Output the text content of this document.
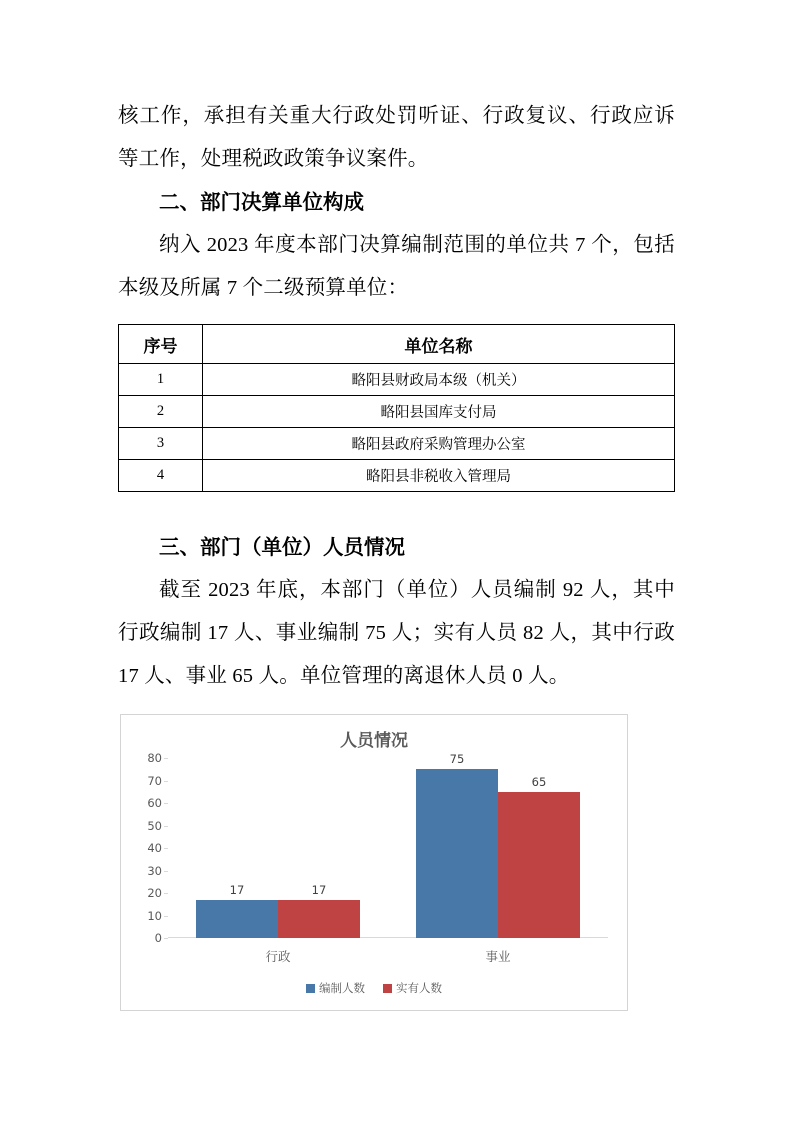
核工作，承担有关重大行政处罚听证、行政复议、行政应诉等工作，处理税政政策争议案件。

二、部门决算单位构成

纳入 2023 年度本部门决算编制范围的单位共 7 个，包括本级及所属 7 个二级预算单位：

序号	单位名称
1	略阳县财政局本级（机关）
2	略阳县国库支付局
3	略阳县政府采购管理办公室
4	略阳县非税收入管理局

三、部门（单位）人员情况

截至 2023 年底，本部门（单位）人员编制 92 人，其中行政编制 17 人、事业编制 75 人；实有人员 82 人，其中行政 17 人、事业 65 人。单位管理的离退休人员 0 人。

人员情况
0
10
20
30
40
50
60
70
80
17	17
行政
75
65
事业
编制人数	实有人数
